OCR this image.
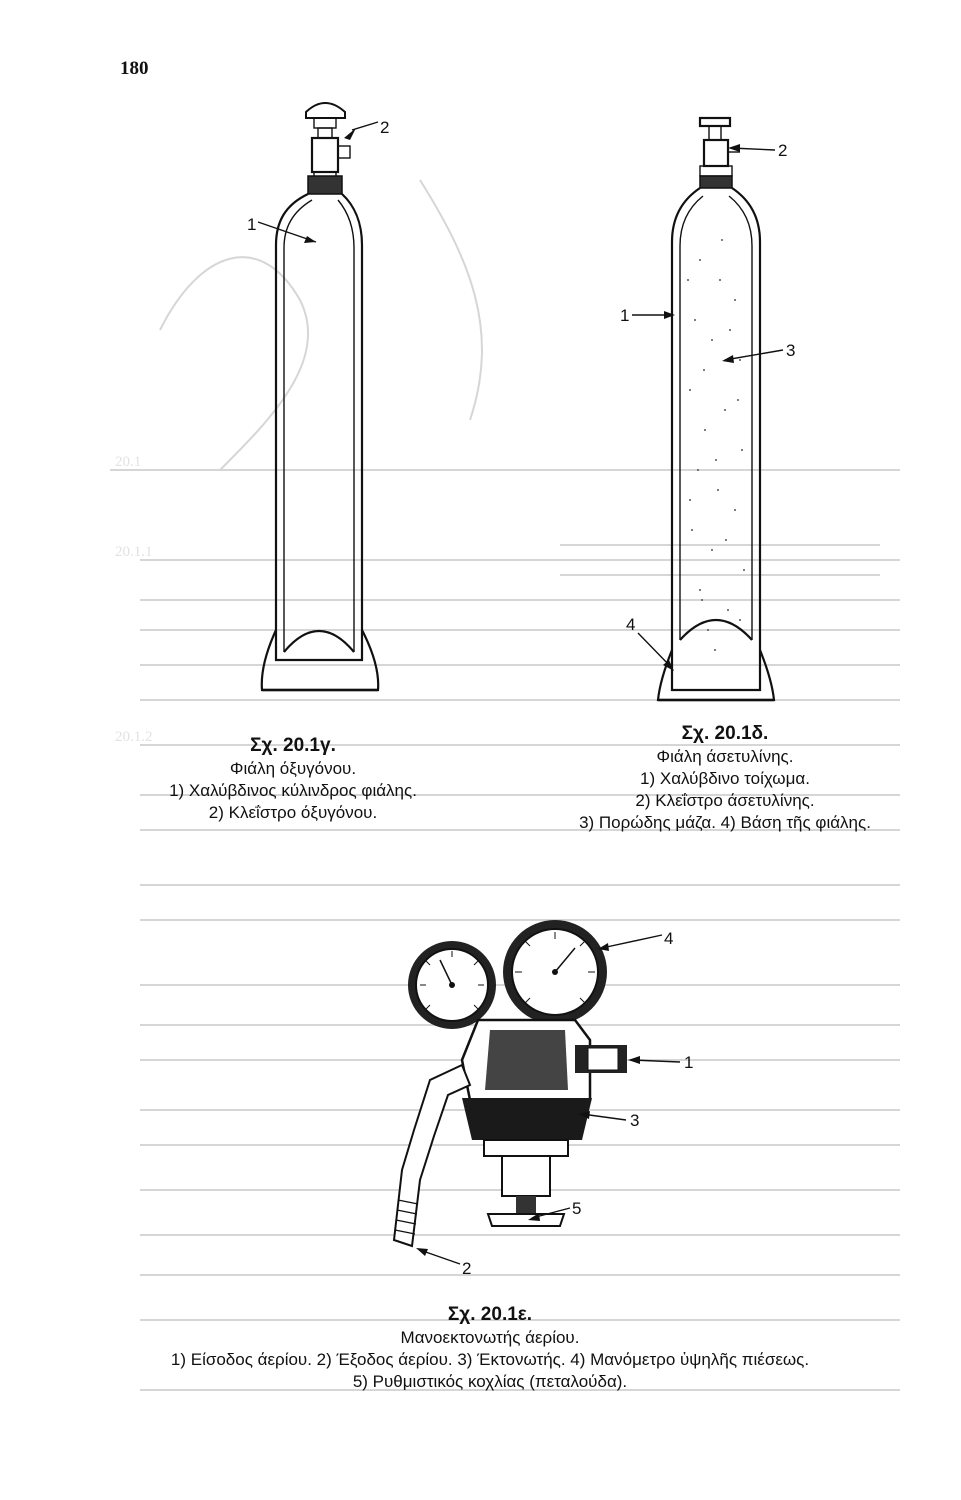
180
20.1
20.1.1
20.1.2
2
1
2
1
3
4
4
1
3
5
2
Σχ. 20.1γ.
Φιάλη όξυγόνου.
1) Χαλύβδινος κύλινδρος φιάλης.
2) Κλεΐστρο όξυγόνου.
Σχ. 20.1δ.
Φιάλη άσετυλίνης.
1) Χαλύβδινο τοίχωμα.
2) Κλεΐστρο άσετυλίνης.
3) Πορώδης μάζα. 4) Βάση τῆς φιάλης.
Σχ. 20.1ε.
Μανοεκτονωτής άερίου.
1) Είσοδος άερίου. 2) Έξοδος άερίου. 3) Έκτονωτής. 4) Μανόμετρο ὑψηλῆς πιέσεως.
5) Ρυθμιστικός κοχλίας (πεταλούδα).
